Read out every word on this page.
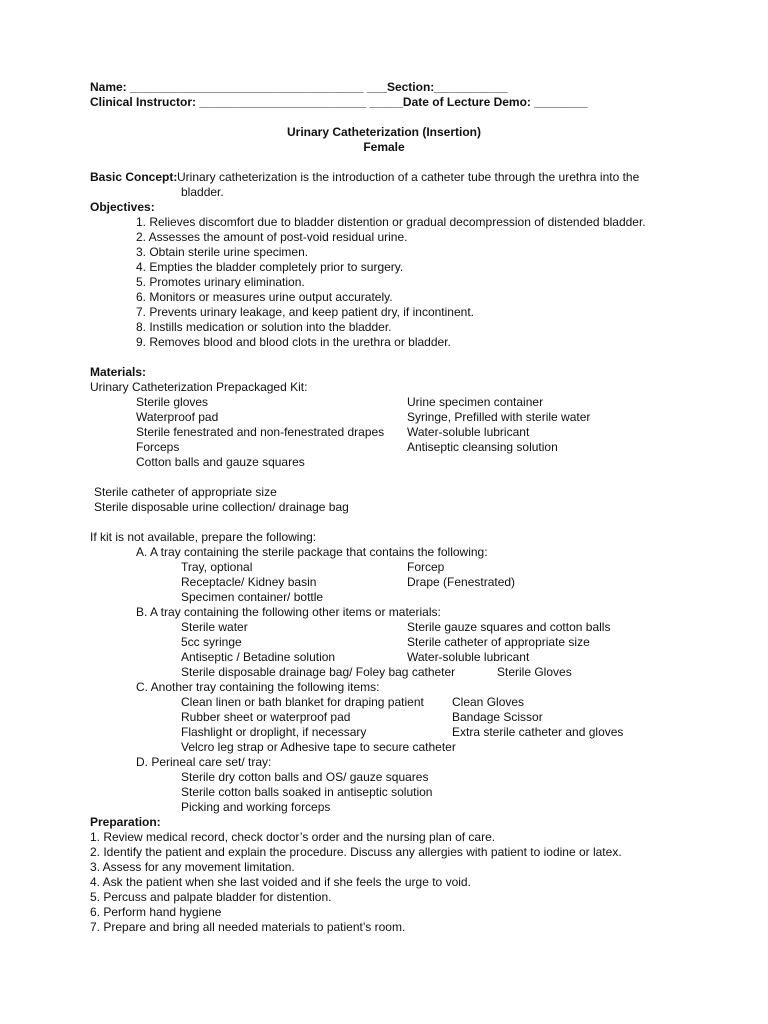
Name: ___________________________________ ___Section:___________
Clinical Instructor: _________________________ _____Date of Lecture Demo: ________
Urinary Catheterization (Insertion)
Female
Basic Concept: Urinary catheterization is the introduction of a catheter tube through the urethra into the
bladder.
Objectives:
1. Relieves discomfort due to bladder distention or gradual decompression of distended bladder.
2. Assesses the amount of post-void residual urine.
3. Obtain sterile urine specimen.
4. Empties the bladder completely prior to surgery.
5. Promotes urinary elimination.
6. Monitors or measures urine output accurately.
7. Prevents urinary leakage, and keep patient dry, if incontinent.
8. Instills medication or solution into the bladder.
9. Removes blood and blood clots in the urethra or bladder.
Materials:
Urinary Catheterization Prepackaged Kit:
Sterile gloves
Waterproof pad
Sterile fenestrated and non-fenestrated drapes
Forceps
Cotton balls and gauze squares
Urine specimen container
Syringe, Prefilled with sterile water
Water-soluble lubricant
Antiseptic cleansing solution
Sterile catheter of appropriate size
Sterile disposable urine collection/ drainage bag
If kit is not available, prepare the following:
A. A tray containing the sterile package that contains the following:
Tray, optional
Receptacle/ Kidney basin
Specimen container/ bottle
Forcep
Drape (Fenestrated)
B. A tray containing the following other items or materials:
Sterile water
5cc syringe
Antiseptic / Betadine solution
Sterile disposable drainage bag/ Foley bag catheter
Sterile gauze squares and cotton balls
Sterile catheter of appropriate size
Water-soluble lubricant
Sterile Gloves
C. Another tray containing the following items:
Clean linen or bath blanket for draping patient
Rubber sheet or waterproof pad
Flashlight or droplight, if necessary
Velcro leg strap or Adhesive tape to secure catheter
Clean Gloves
Bandage Scissor
Extra sterile catheter and gloves
D. Perineal care set/ tray:
Sterile dry cotton balls and OS/ gauze squares
Sterile cotton balls soaked in antiseptic solution
Picking and working forceps
Preparation:
1. Review medical record, check doctor’s order and the nursing plan of care.
2. Identify the patient and explain the procedure. Discuss any allergies with patient to iodine or latex.
3. Assess for any movement limitation.
4. Ask the patient when she last voided and if she feels the urge to void.
5. Percuss and palpate bladder for distention.
6. Perform hand hygiene
7. Prepare and bring all needed materials to patient’s room.
